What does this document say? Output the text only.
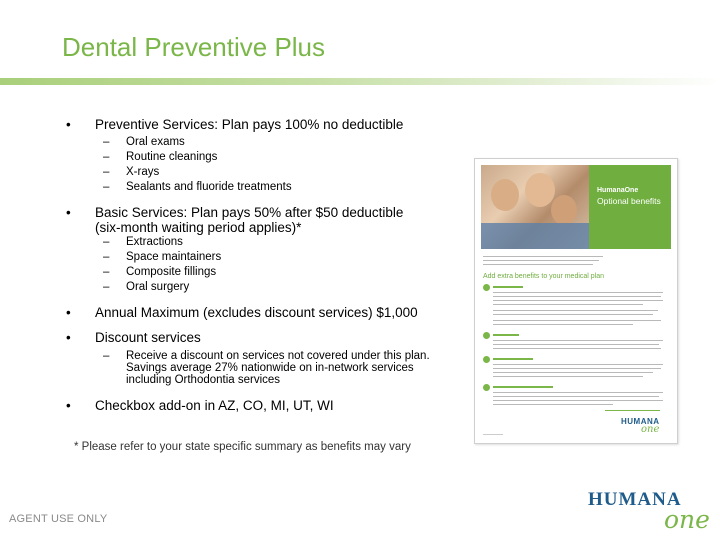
Dental Preventive Plus
• Preventive Services: Plan pays 100% no deductible
– Oral exams
– Routine cleanings
– X-rays
– Sealants and fluoride treatments
• Basic Services: Plan pays 50% after $50 deductible
(six-month waiting period applies)*
– Extractions
– Space maintainers
– Composite fillings
– Oral surgery
• Annual Maximum (excludes discount services) $1,000
• Discount services
– Receive a discount on services not covered under this plan.
Savings average 27% nationwide on in-network services
including Orthodontia services
• Checkbox add-on in AZ, CO, MI, UT, WI
* Please refer to your state specific summary as benefits may vary
HumanaOne
Optional benefits
Add extra benefits to your medical plan
HUMANA
one
AGENT USE ONLY
HUMANA
one
